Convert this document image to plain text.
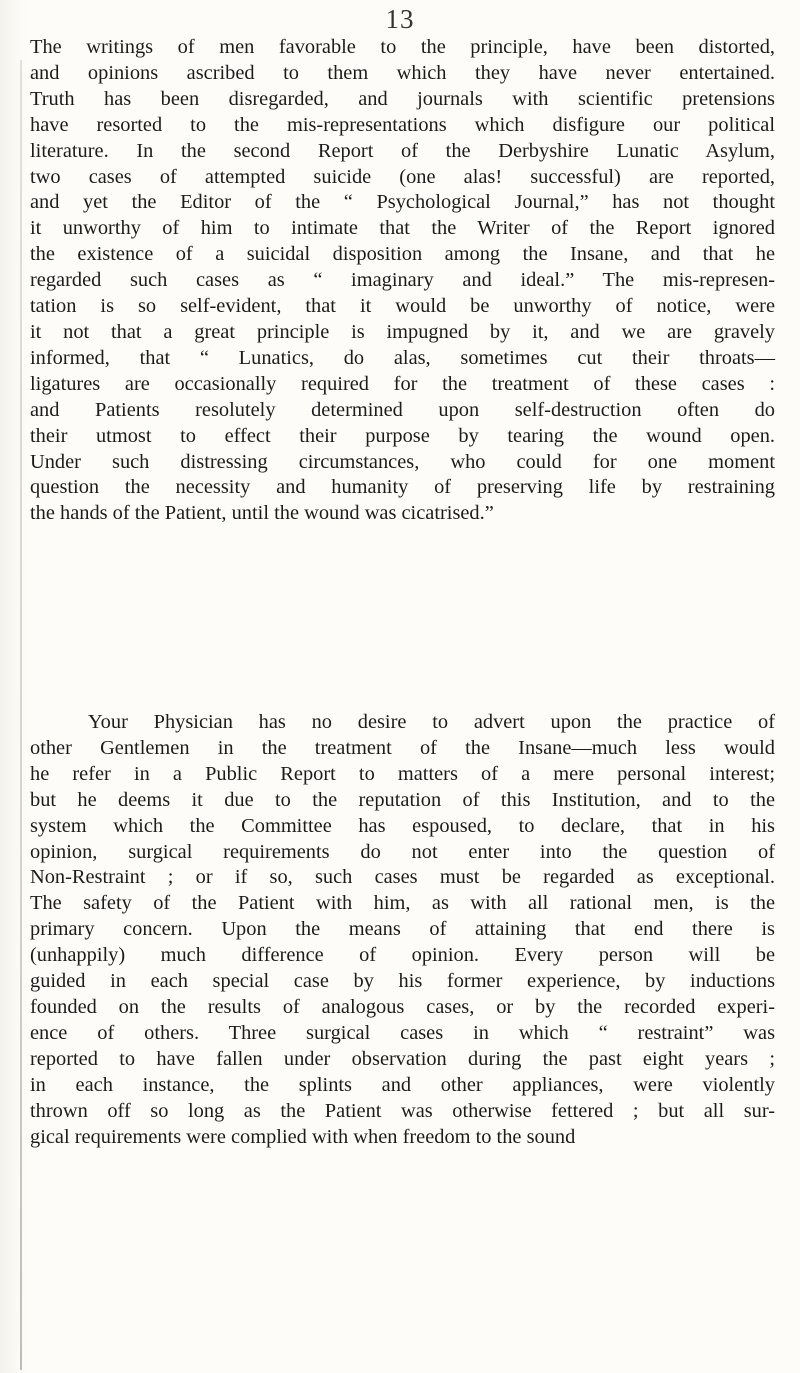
13
The writings of men favorable to the principle, have been distorted,
and opinions ascribed to them which they have never entertained.
Truth has been disregarded, and journals with scientific pretensions
have resorted to the mis-representations which disfigure our political
literature. In the second Report of the Derbyshire Lunatic Asylum,
two cases of attempted suicide (one alas! successful) are reported,
and yet the Editor of the “ Psychological Journal,” has not thought
it unworthy of him to intimate that the Writer of the Report ignored
the existence of a suicidal disposition among the Insane, and that he
regarded such cases as “ imaginary and ideal.” The mis-represen-
tation is so self-evident, that it would be unworthy of notice, were
it not that a great principle is impugned by it, and we are gravely
informed, that “ Lunatics, do alas, sometimes cut their throats—
ligatures are occasionally required for the treatment of these cases :
and Patients resolutely determined upon self-destruction often do
their utmost to effect their purpose by tearing the wound open.
Under such distressing circumstances, who could for one moment
question the necessity and humanity of preserving life by restraining
the hands of the Patient, until the wound was cicatrised.”
Your Physician has no desire to advert upon the practice of
other Gentlemen in the treatment of the Insane—much less would
he refer in a Public Report to matters of a mere personal interest;
but he deems it due to the reputation of this Institution, and to the
system which the Committee has espoused, to declare, that in his
opinion, surgical requirements do not enter into the question of
Non-Restraint ; or if so, such cases must be regarded as exceptional.
The safety of the Patient with him, as with all rational men, is the
primary concern. Upon the means of attaining that end there is
(unhappily) much difference of opinion. Every person will be
guided in each special case by his former experience, by inductions
founded on the results of analogous cases, or by the recorded experi-
ence of others. Three surgical cases in which “ restraint” was
reported to have fallen under observation during the past eight years ;
in each instance, the splints and other appliances, were violently
thrown off so long as the Patient was otherwise fettered ; but all sur-
gical requirements were complied with when freedom to the sound
